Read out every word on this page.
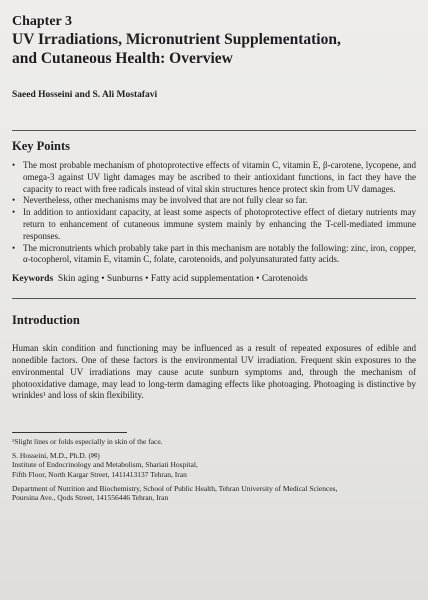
Chapter 3

UV Irradiations, Micronutrient Supplementation,
and Cutaneous Health: Overview

Saeed Hosseini and S. Ali Mostafavi

Key Points
• The most probable mechanism of photoprotective effects of vitamin C, vitamin E, β-carotene, lycopene, and omega-3 against UV light damages may be ascribed to their antioxidant functions, in fact they have the capacity to react with free radicals instead of vital skin structures hence protect skin from UV damages.
• Nevertheless, other mechanisms may be involved that are not fully clear so far.
• In addition to antioxidant capacity, at least some aspects of photoprotective effect of dietary nutrients may return to enhancement of cutaneous immune system mainly by enhancing the T-cell-mediated immune responses.
• The micronutrients which probably take part in this mechanism are notably the following: zinc, iron, copper, α-tocopherol, vitamin E, vitamin C, folate, carotenoids, and polyunsaturated fatty acids.

Keywords Skin aging • Sunburns • Fatty acid supplementation • Carotenoids

Introduction

Human skin condition and functioning may be influenced as a result of repeated exposures of edible and nonedible factors. One of these factors is the environmental UV irradiation. Frequent skin exposures to the environmental UV irradiations may cause acute sunburn symptoms and, through the mechanism of photooxidative damage, may lead to long-term damaging effects like photoaging. Photoaging is distinctive by wrinkles¹ and loss of skin flexibility.

¹Slight lines or folds especially in skin of the face.

S. Hosseini, M.D., Ph.D. (✉)
Institute of Endocrinology and Metabolism, Shariati Hospital,
Fifth Floor, North Kargar Street, 1411413137 Tehran, Iran
Department of Nutrition and Biochemistry, School of Public Health, Tehran University of Medical Sciences,
Poursina Ave., Qods Street, 141556446 Tehran, Iran
